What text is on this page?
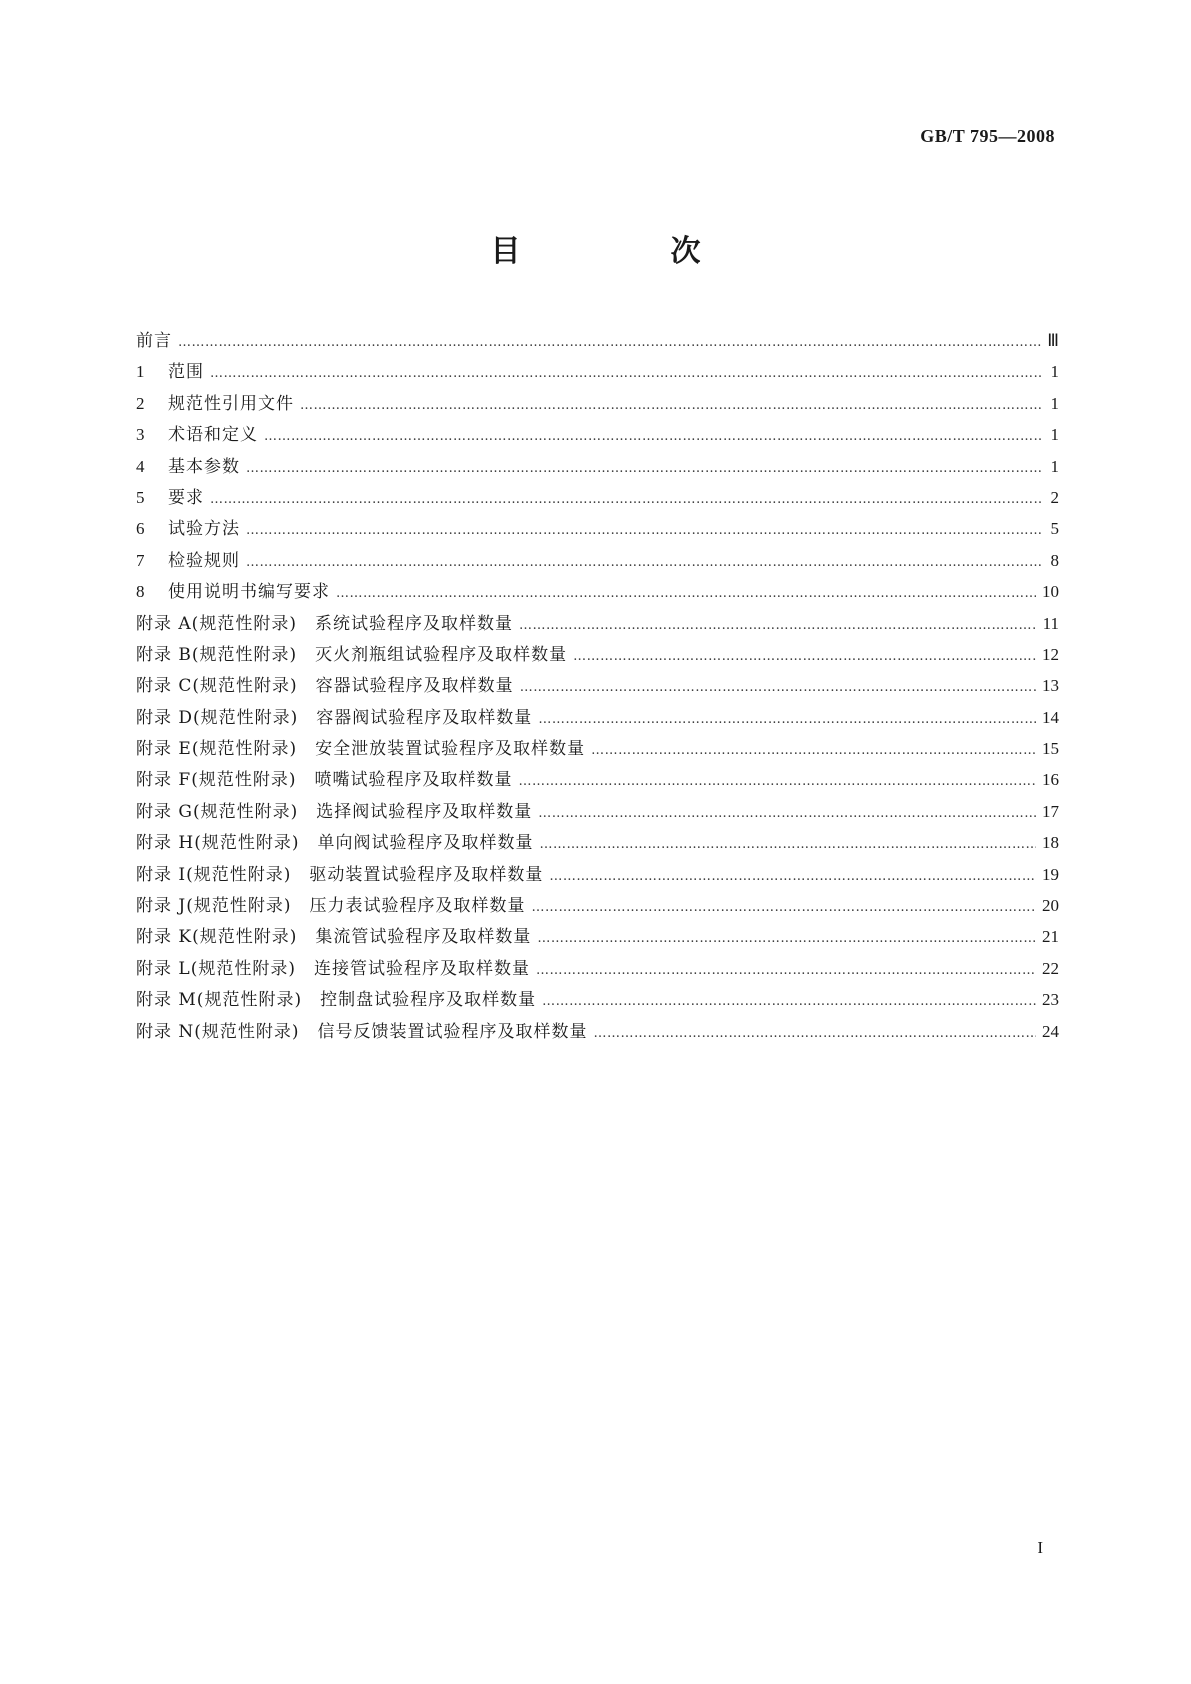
GB/T 795—2008
目　次
前言 ……………………………………………………………………………………………………………………………………………………………………………………	Ⅲ
1	范围 ……………………………………………………………………………………………………………………………………………………………………………………	1
2	规范性引用文件 ……………………………………………………………………………………………………………………………………………………………………………………	1
3	术语和定义 ……………………………………………………………………………………………………………………………………………………………………………………	1
4	基本参数 ……………………………………………………………………………………………………………………………………………………………………………………	1
5	要求 ……………………………………………………………………………………………………………………………………………………………………………………	2
6	试验方法 ……………………………………………………………………………………………………………………………………………………………………………………	5
7	检验规则 ……………………………………………………………………………………………………………………………………………………………………………………	8
8	使用说明书编写要求 ……………………………………………………………………………………………………………………………………………………………………………………	10
附录 A(规范性附录)　系统试验程序及取样数量 ……………………………………………………………………………………………………………………………………………………………………………………	11
附录 B(规范性附录)　灭火剂瓶组试验程序及取样数量 ……………………………………………………………………………………………………………………………………………………………………………………	12
附录 C(规范性附录)　容器试验程序及取样数量 ……………………………………………………………………………………………………………………………………………………………………………………	13
附录 D(规范性附录)　容器阀试验程序及取样数量 ……………………………………………………………………………………………………………………………………………………………………………………	14
附录 E(规范性附录)　安全泄放装置试验程序及取样数量 ……………………………………………………………………………………………………………………………………………………………………………………	15
附录 F(规范性附录)　喷嘴试验程序及取样数量 ……………………………………………………………………………………………………………………………………………………………………………………	16
附录 G(规范性附录)　选择阀试验程序及取样数量 ……………………………………………………………………………………………………………………………………………………………………………………	17
附录 H(规范性附录)　单向阀试验程序及取样数量 ……………………………………………………………………………………………………………………………………………………………………………………	18
附录 I(规范性附录)　驱动装置试验程序及取样数量 ……………………………………………………………………………………………………………………………………………………………………………………	19
附录 J(规范性附录)　压力表试验程序及取样数量 ……………………………………………………………………………………………………………………………………………………………………………………	20
附录 K(规范性附录)　集流管试验程序及取样数量 ……………………………………………………………………………………………………………………………………………………………………………………	21
附录 L(规范性附录)　连接管试验程序及取样数量 ……………………………………………………………………………………………………………………………………………………………………………………	22
附录 M(规范性附录)　控制盘试验程序及取样数量 ……………………………………………………………………………………………………………………………………………………………………………………	23
附录 N(规范性附录)　信号反馈装置试验程序及取样数量 ……………………………………………………………………………………………………………………………………………………………………………………	24
I
